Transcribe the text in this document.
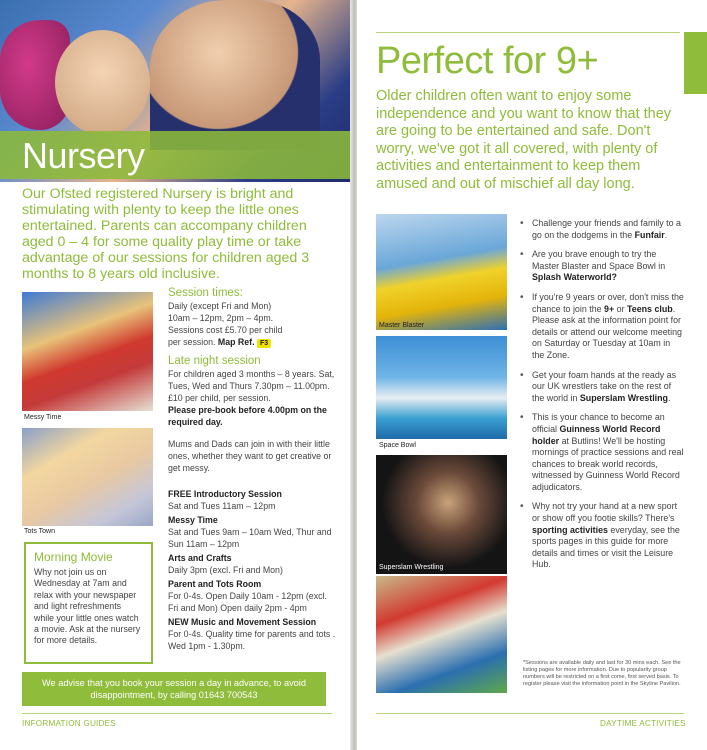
Nursery
Our Ofsted registered Nursery is bright and stimulating with plenty to keep the little ones entertained. Parents can accompany children aged 0 – 4 for some quality play time or take advantage of our sessions for children aged 3 months to 8 years old inclusive.
Messy Time
Tots Town
Session times:
Daily (except Fri and Mon)
10am – 12pm, 2pm – 4pm.
Sessions cost £5.70 per child
per session. Map Ref. F3
Late night session
For children aged 3 months – 8 years. Sat, Tues, Wed and Thurs 7.30pm – 11.00pm. £10 per child, per session.
Please pre-book before 4.00pm on the required day.
Mums and Dads can join in with their little ones, whether they want to get creative or get messy.
FREE Introductory Session
Sat and Tues 11am – 12pm
Messy Time
Sat and Tues 9am – 10am Wed, Thur and Sun 11am – 12pm
Arts and Crafts
Daily 3pm (excl. Fri and Mon)
Parent and Tots Room
For 0-4s. Open Daily 10am - 12pm (excl. Fri and Mon) Open daily 2pm - 4pm
NEW Music and Movement Session
For 0-4s. Quality time for parents and tots . Wed 1pm - 1.30pm.
Morning Movie
Why not join us on Wednesday at 7am and relax with your newspaper and light refreshments while your little ones watch a movie. Ask at the nursery for more details.
We advise that you book your session a day in advance, to avoid disappointment, by calling 01643 700543
INFORMATION GUIDES
Perfect for 9+
Older children often want to enjoy some independence and you want to know that they are going to be entertained and safe. Don't worry, we've got it all covered, with plenty of activities and entertainment to keep them amused and out of mischief all day long.
Master Blaster
Space Bowl
Superslam Wrestling
• Challenge your friends and family to a go on the dodgems in the Funfair.
• Are you brave enough to try the Master Blaster and Space Bowl in Splash Waterworld?
• If you're 9 years or over, don't miss the chance to join the 9+ or Teens club. Please ask at the information point for details or attend our welcome meeting on Saturday or Tuesday at 10am in the Zone.
• Get your foam hands at the ready as our UK wrestlers take on the rest of the world in Superslam Wrestling.
• This is your chance to become an official Guinness World Record holder at Butlins! We'll be hosting mornings of practice sessions and real chances to break world records, witnessed by Guinness World Record adjudicators.
• Why not try your hand at a new sport or show off you footie skills? There's sporting activities everyday, see the sports pages in this guide for more details and times or visit the Leisure Hub.
*Sessions are available daily and last for 30 mins each. See the listing pages for more information. Due to popularity group numbers will be restricted on a first come, first served basis. To register please visit the information point in the Skyline Pavilion.
DAYTIME ACTIVITIES
